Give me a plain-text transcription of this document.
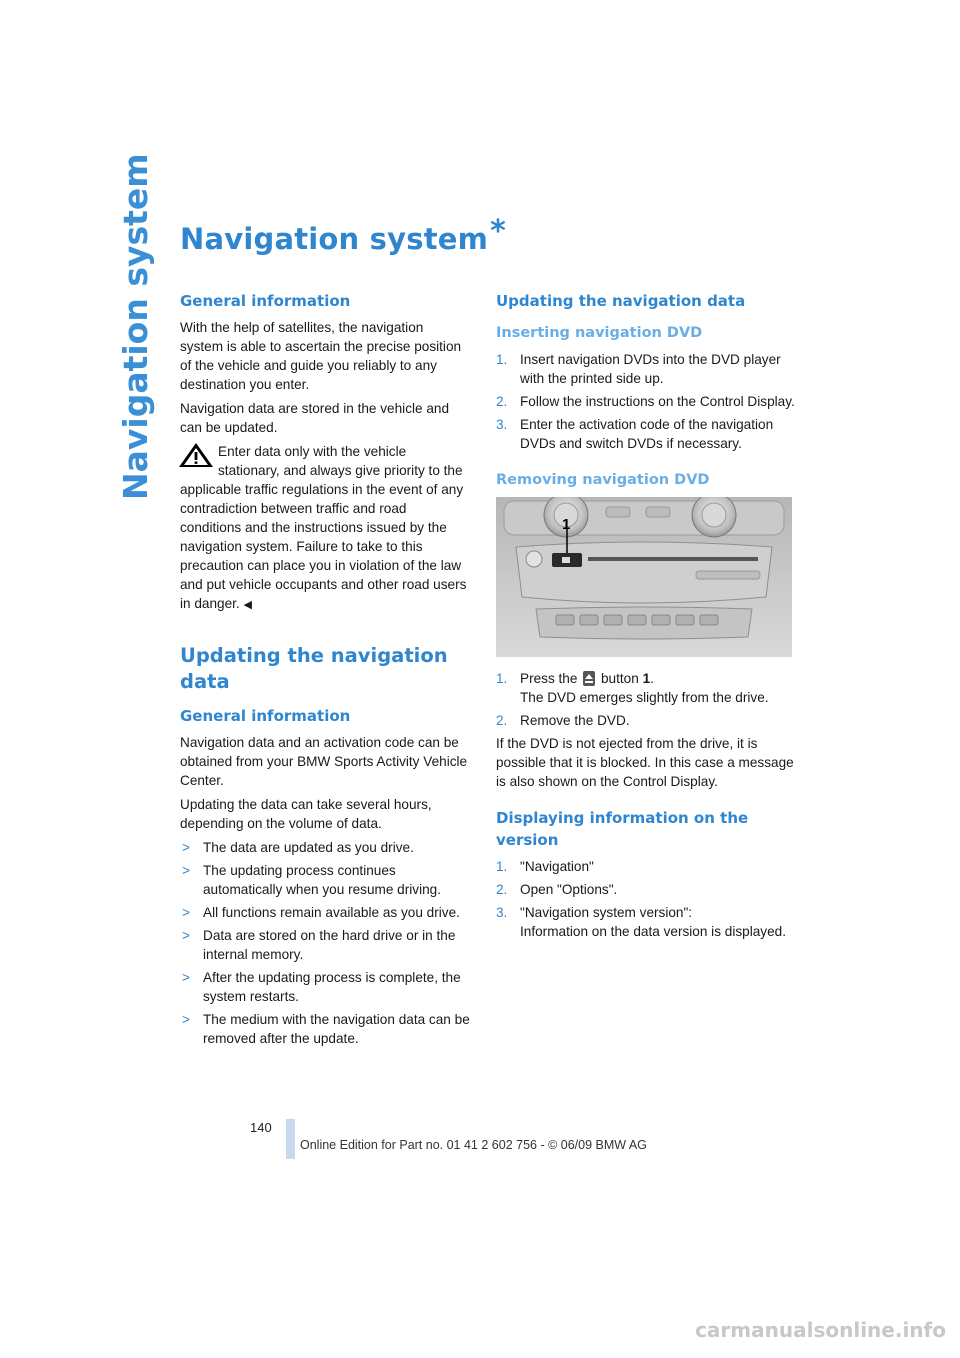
Navigation system Navigation system*
General information

With the help of satellites, the navigation system is able to ascertain the precise position of the vehicle and guide you reliably to any destination you enter.

Navigation data are stored in the vehicle and can be updated.

Enter data only with the vehicle stationary, and always give priority to the applicable traffic regulations in the event of any contradiction between traffic and road conditions and the instructions issued by the navigation system. Failure to take to this precaution can place you in violation of the law and put vehicle occupants and other road users in danger. ◀
Updating the navigation data
General information

Navigation data and an activation code can be obtained from your BMW Sports Activity Vehicle Center.

Updating the data can take several hours, depending on the volume of data.

> The data are updated as you drive.
> The updating process continues automatically when you resume driving.
> All functions remain available as you drive.
> Data are stored on the hard drive or in the internal memory.
> After the updating process is complete, the system restarts.
> The medium with the navigation data can be removed after the update.
Updating the navigation data
Inserting navigation DVD
1. Insert navigation DVDs into the DVD player with the printed side up.
2. Follow the instructions on the Control Display.
3. Enter the activation code of the navigation DVDs and switch DVDs if necessary.
Removing navigation DVD
1
1. Press the button 1.
The DVD emerges slightly from the drive.
2. Remove the DVD.

If the DVD is not ejected from the drive, it is possible that it is blocked. In this case a message is also shown on the Control Display.

Displaying information on the version
1. "Navigation"
2. Open "Options".
3. "Navigation system version":
Information on the data version is displayed.
140
Online Edition for Part no. 01 41 2 602 756 - © 06/09 BMW AG
carmanualsonline.info
